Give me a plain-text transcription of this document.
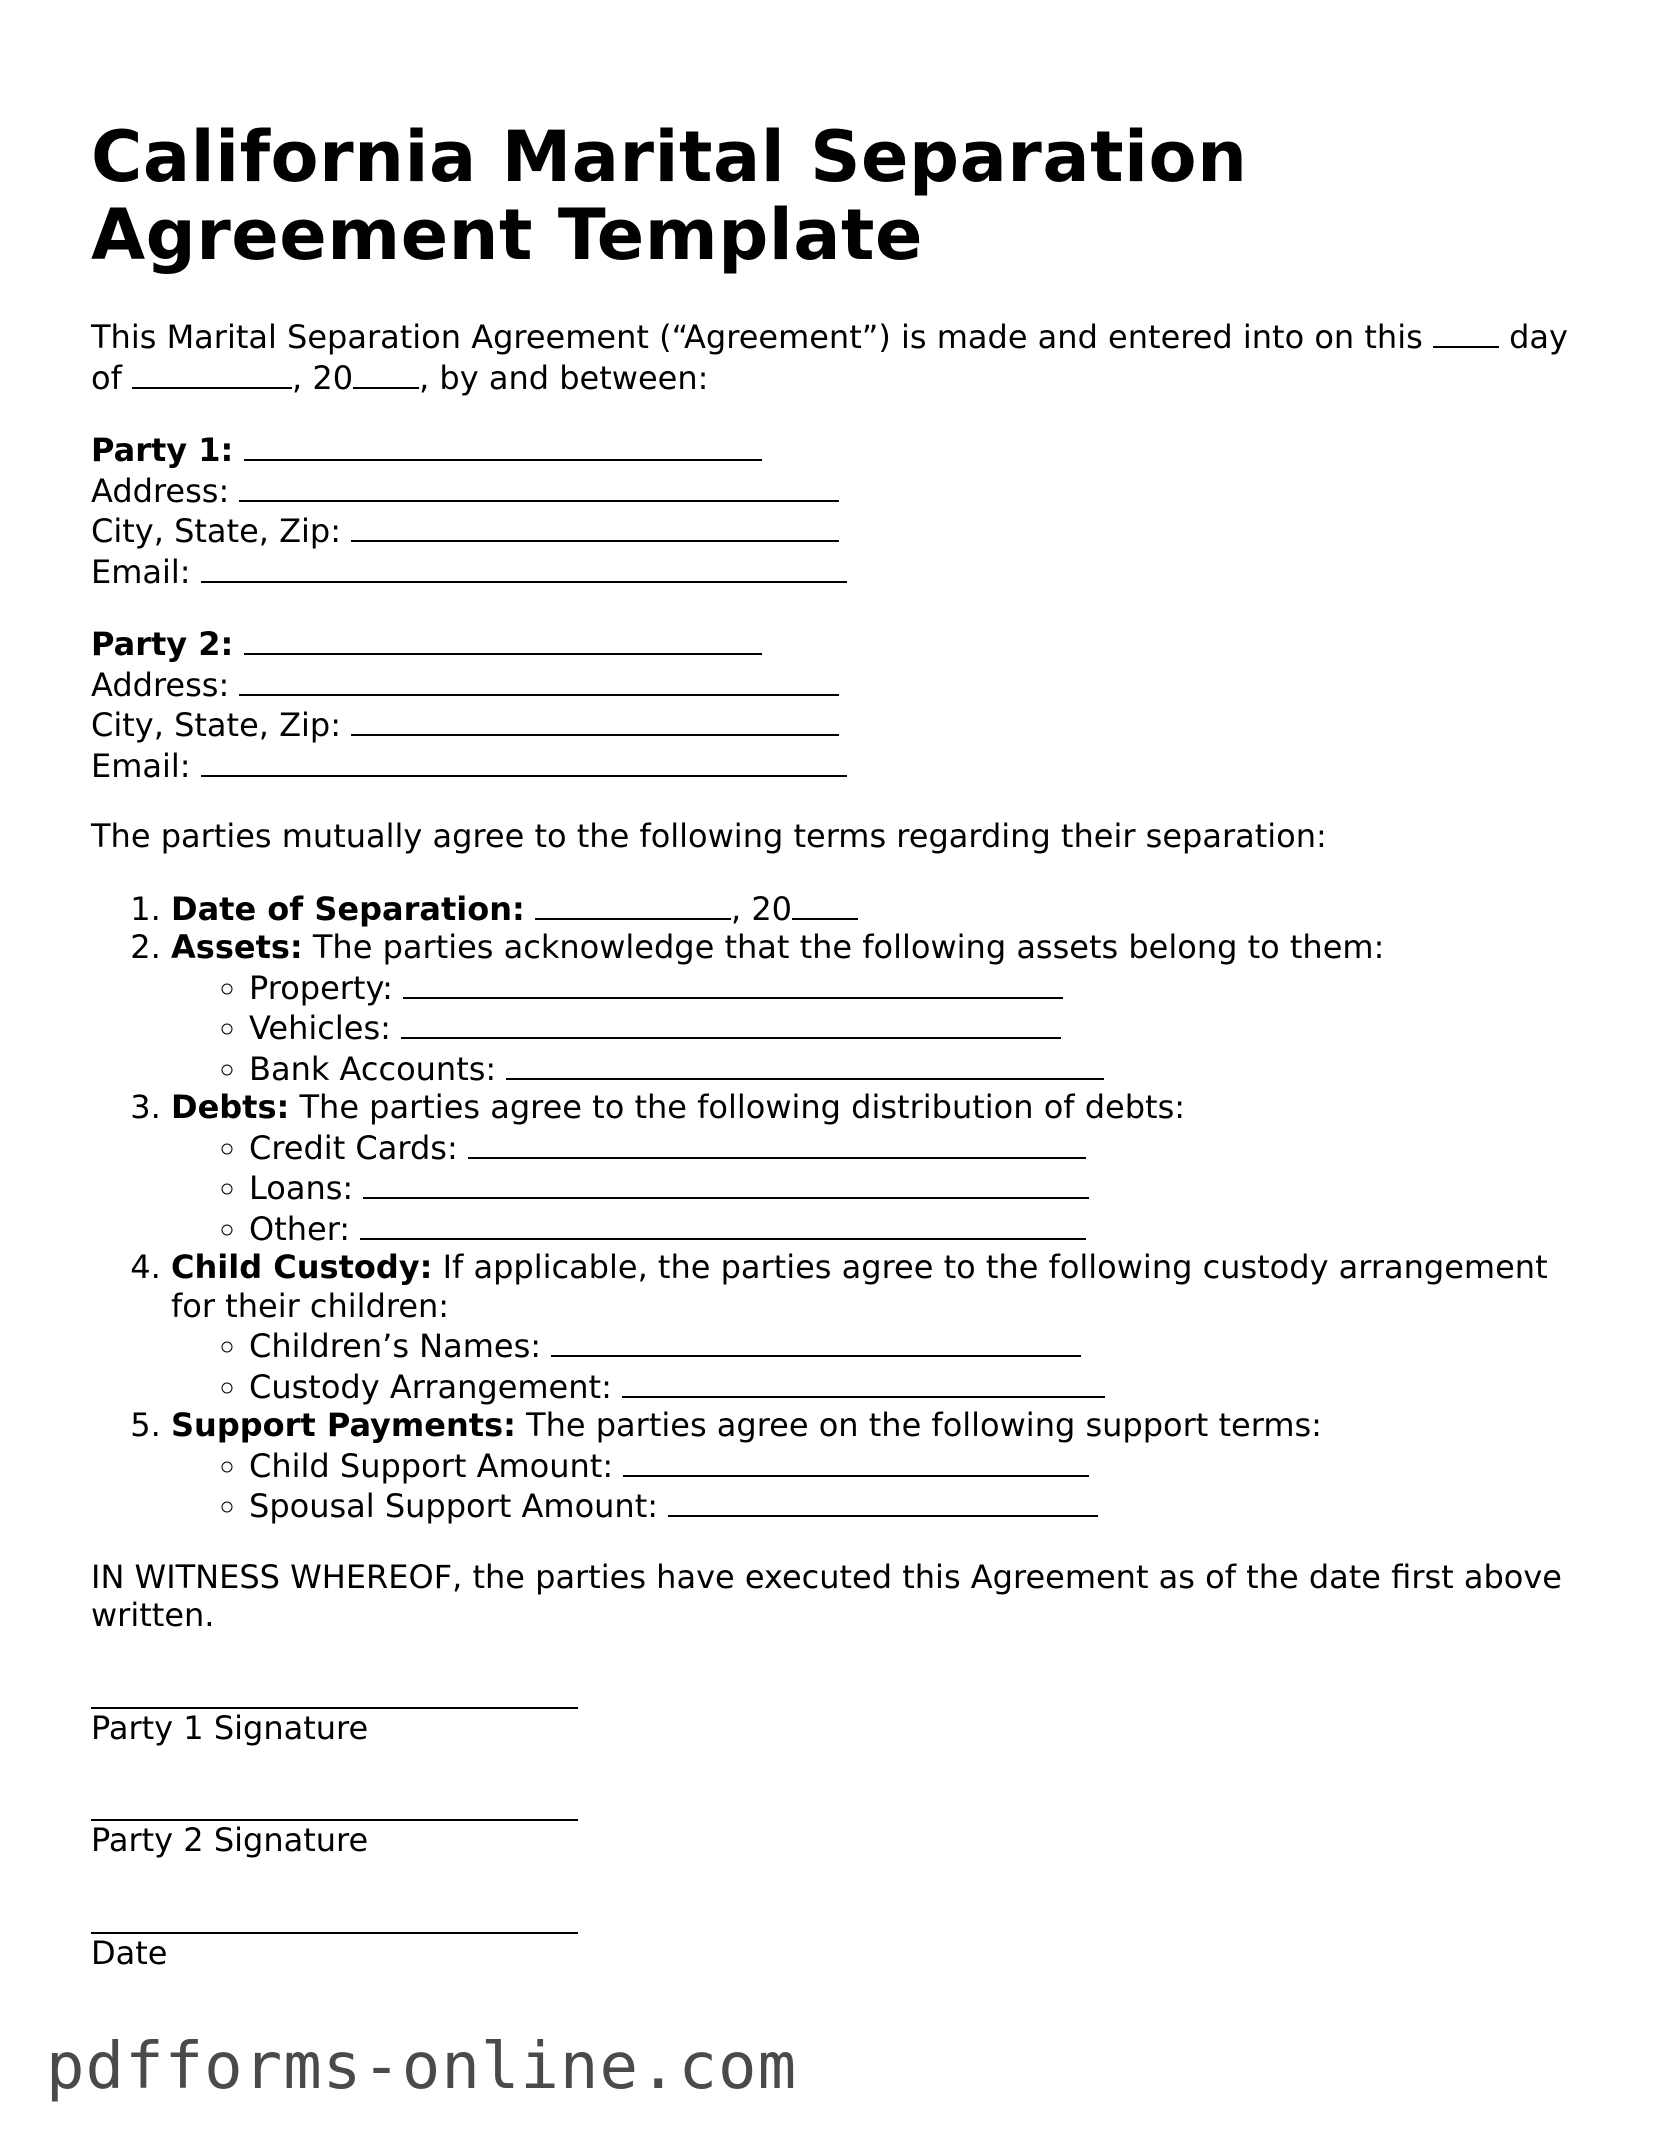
California Marital Separation Agreement Template
This Marital Separation Agreement (“Agreement”) is made and entered into on this	day of	, 20 , by and between:
Party 1:
Address:
City, State, Zip:
Email:
Party 2:
Address:
City, State, Zip:
Email:
The parties mutually agree to the following terms regarding their separation:
1. Date of Separation:	, 20
2. Assets: The parties acknowledge that the following assets belong to them:
◦ Property:
◦ Vehicles:
◦ Bank Accounts:
3. Debts: The parties agree to the following distribution of debts:
◦ Credit Cards:
◦ Loans:
◦ Other:
4. Child Custody: If applicable, the parties agree to the following custody arrangement for their children:
◦ Children’s Names:
◦ Custody Arrangement:
5. Support Payments: The parties agree on the following support terms:
◦ Child Support Amount:
◦ Spousal Support Amount:
IN WITNESS WHEREOF, the parties have executed this Agreement as of the date first above written.
Party 1 Signature
Party 2 Signature
Date
pdfforms-online.com
